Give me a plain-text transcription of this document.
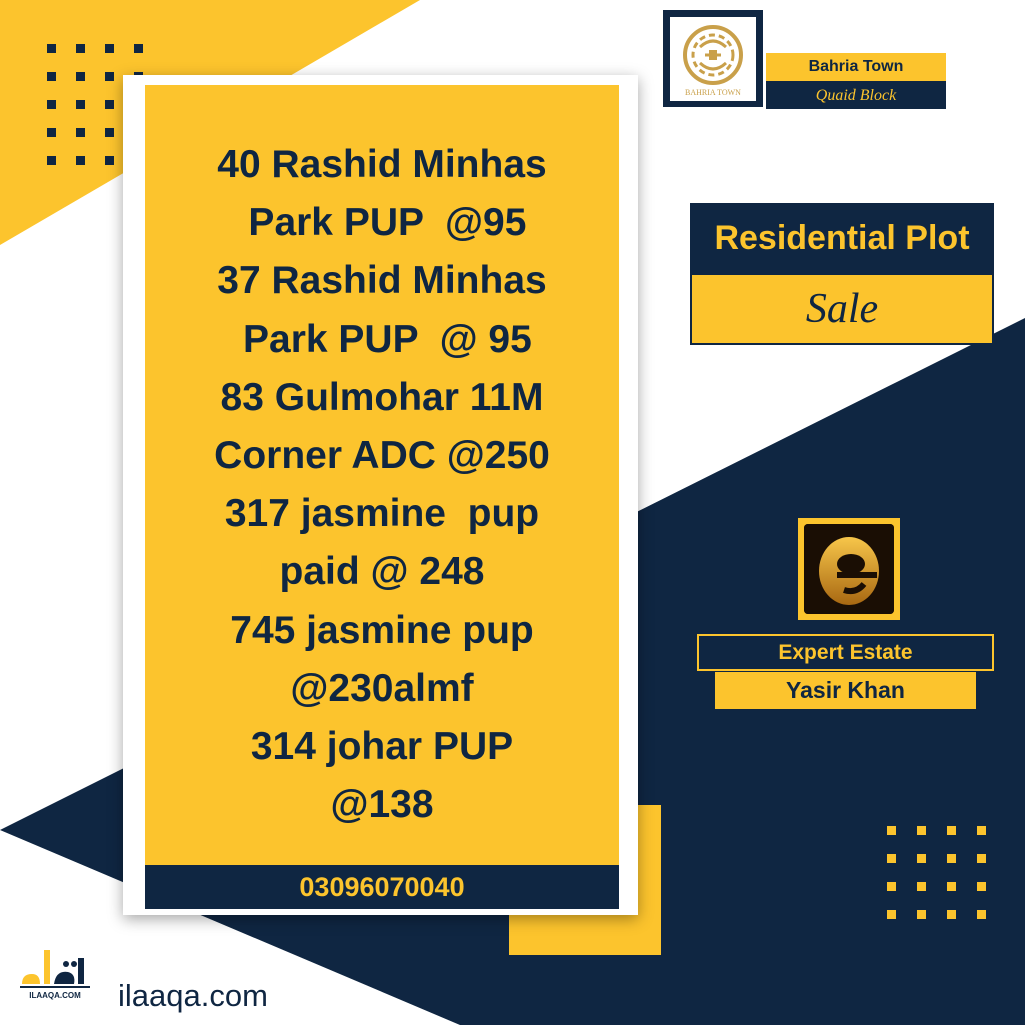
40 Rashid Minhas
Park PUP  @95
37 Rashid Minhas
Park PUP  @ 95
83 Gulmohar 11M
Corner ADC @250
317 jasmine  pup
paid @ 248
745 jasmine pup
@230almf
314 johar PUP
@138
03096070040
BAHRIA TOWN
Bahria Town
Quaid Block
Residential Plot
Sale
Expert Estate
Yasir Khan
ILAAQA.COM ilaaqa.com
